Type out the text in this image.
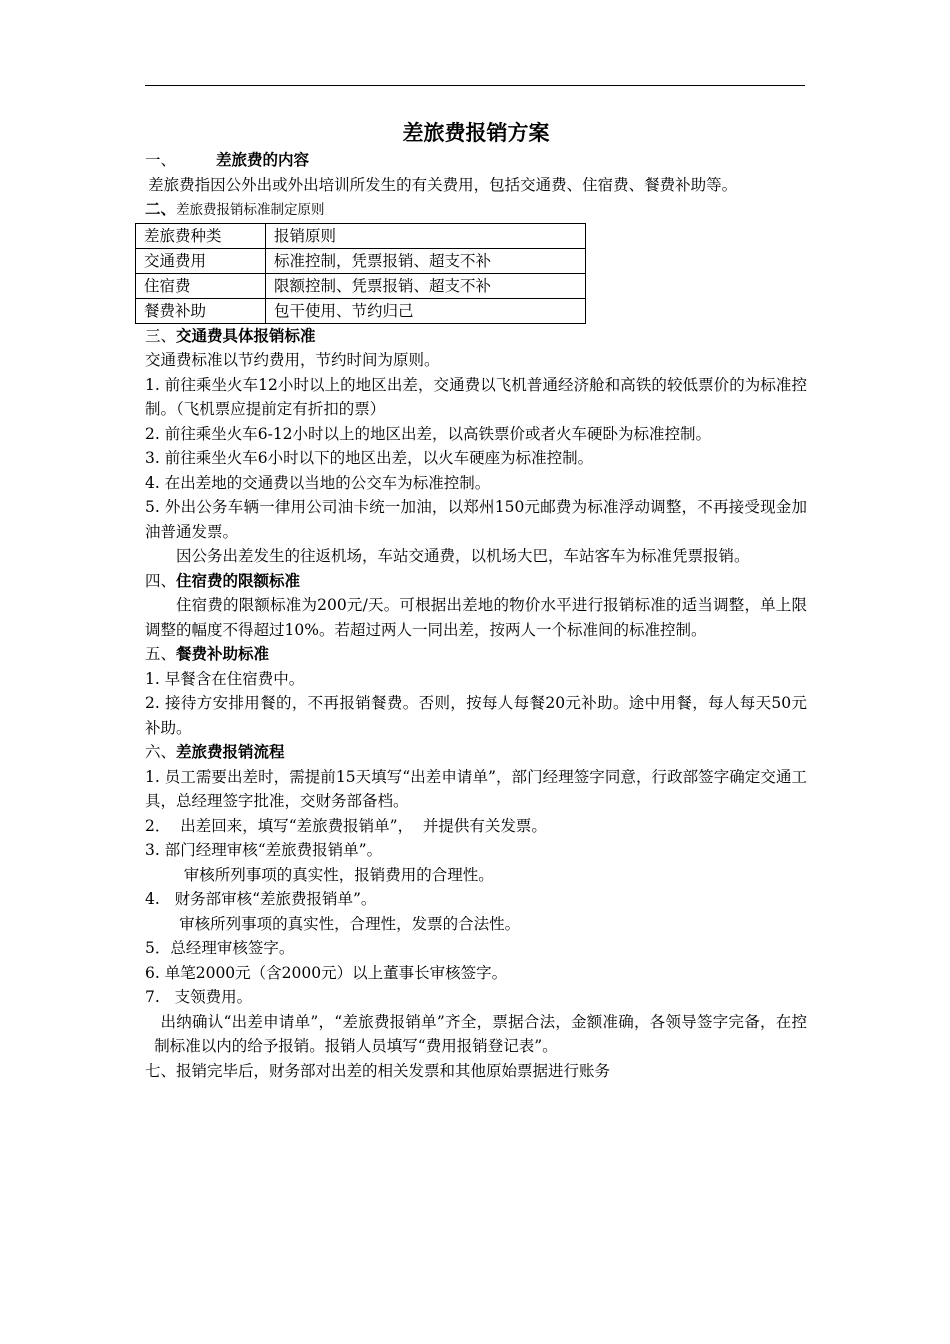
差旅费报销方案
一、	差旅费的内容

差旅费指因公外出或外出培训所发生的有关费用，包括交通费、住宿费、餐费补助等。

二、差旅费报销标准制定原则
差旅费种类	报销原则
交通费用	标准控制，凭票报销、超支不补
住宿费	限额控制、凭票报销、超支不补
餐费补助	包干使用、节约归己
三、交通费具体报销标准

交通费标准以节约费用，节约时间为原则。

1. 前往乘坐火车12小时以上的地区出差，交通费以飞机普通经济舱和高铁的较低票价的为标准控制。（飞机票应提前定有折扣的票）

2. 前往乘坐火车6-12小时以上的地区出差，以高铁票价或者火车硬卧为标准控制。

3. 前往乘坐火车6小时以下的地区出差，以火车硬座为标准控制。

4. 在出差地的交通费以当地的公交车为标准控制。

5. 外出公务车辆一律用公司油卡统一加油，以郑州150元邮费为标准浮动调整，不再接受现金加油普通发票。

因公务出差发生的往返机场，车站交通费，以机场大巴，车站客车为标准凭票报销。

四、住宿费的限额标准

住宿费的限额标准为200元/天。可根据出差地的物价水平进行报销标准的适当调整，单上限调整的幅度不得超过10%。若超过两人一同出差，按两人一个标准间的标准控制。

五、餐费补助标准

1. 早餐含在住宿费中。

2. 接待方安排用餐的，不再报销餐费。否则，按每人每餐20元补助。途中用餐，每人每天50元补助。

六、差旅费报销流程

1. 员工需要出差时，需提前15天填写“出差申请单”，部门经理签字同意，行政部签字确定交通工具，总经理签字批准，交财务部备档。

2．  出差回来，填写“差旅费报销单”，  并提供有关发票。

3. 部门经理审核“差旅费报销单”。

审核所列事项的真实性，报销费用的合理性。

4.   财务部审核“差旅费报销单”。

审核所列事项的真实性，合理性，发票的合法性。

5．总经理审核签字。

6. 单笔2000元（含2000元）以上董事长审核签字。

7.   支领费用。

出纳确认“出差申请单”，“差旅费报销单”齐全，票据合法，金额准确，各领导签字完备，在控制标准以内的给予报销。报销人员填写“费用报销登记表”。

七、报销完毕后，财务部对出差的相关发票和其他原始票据进行账务
